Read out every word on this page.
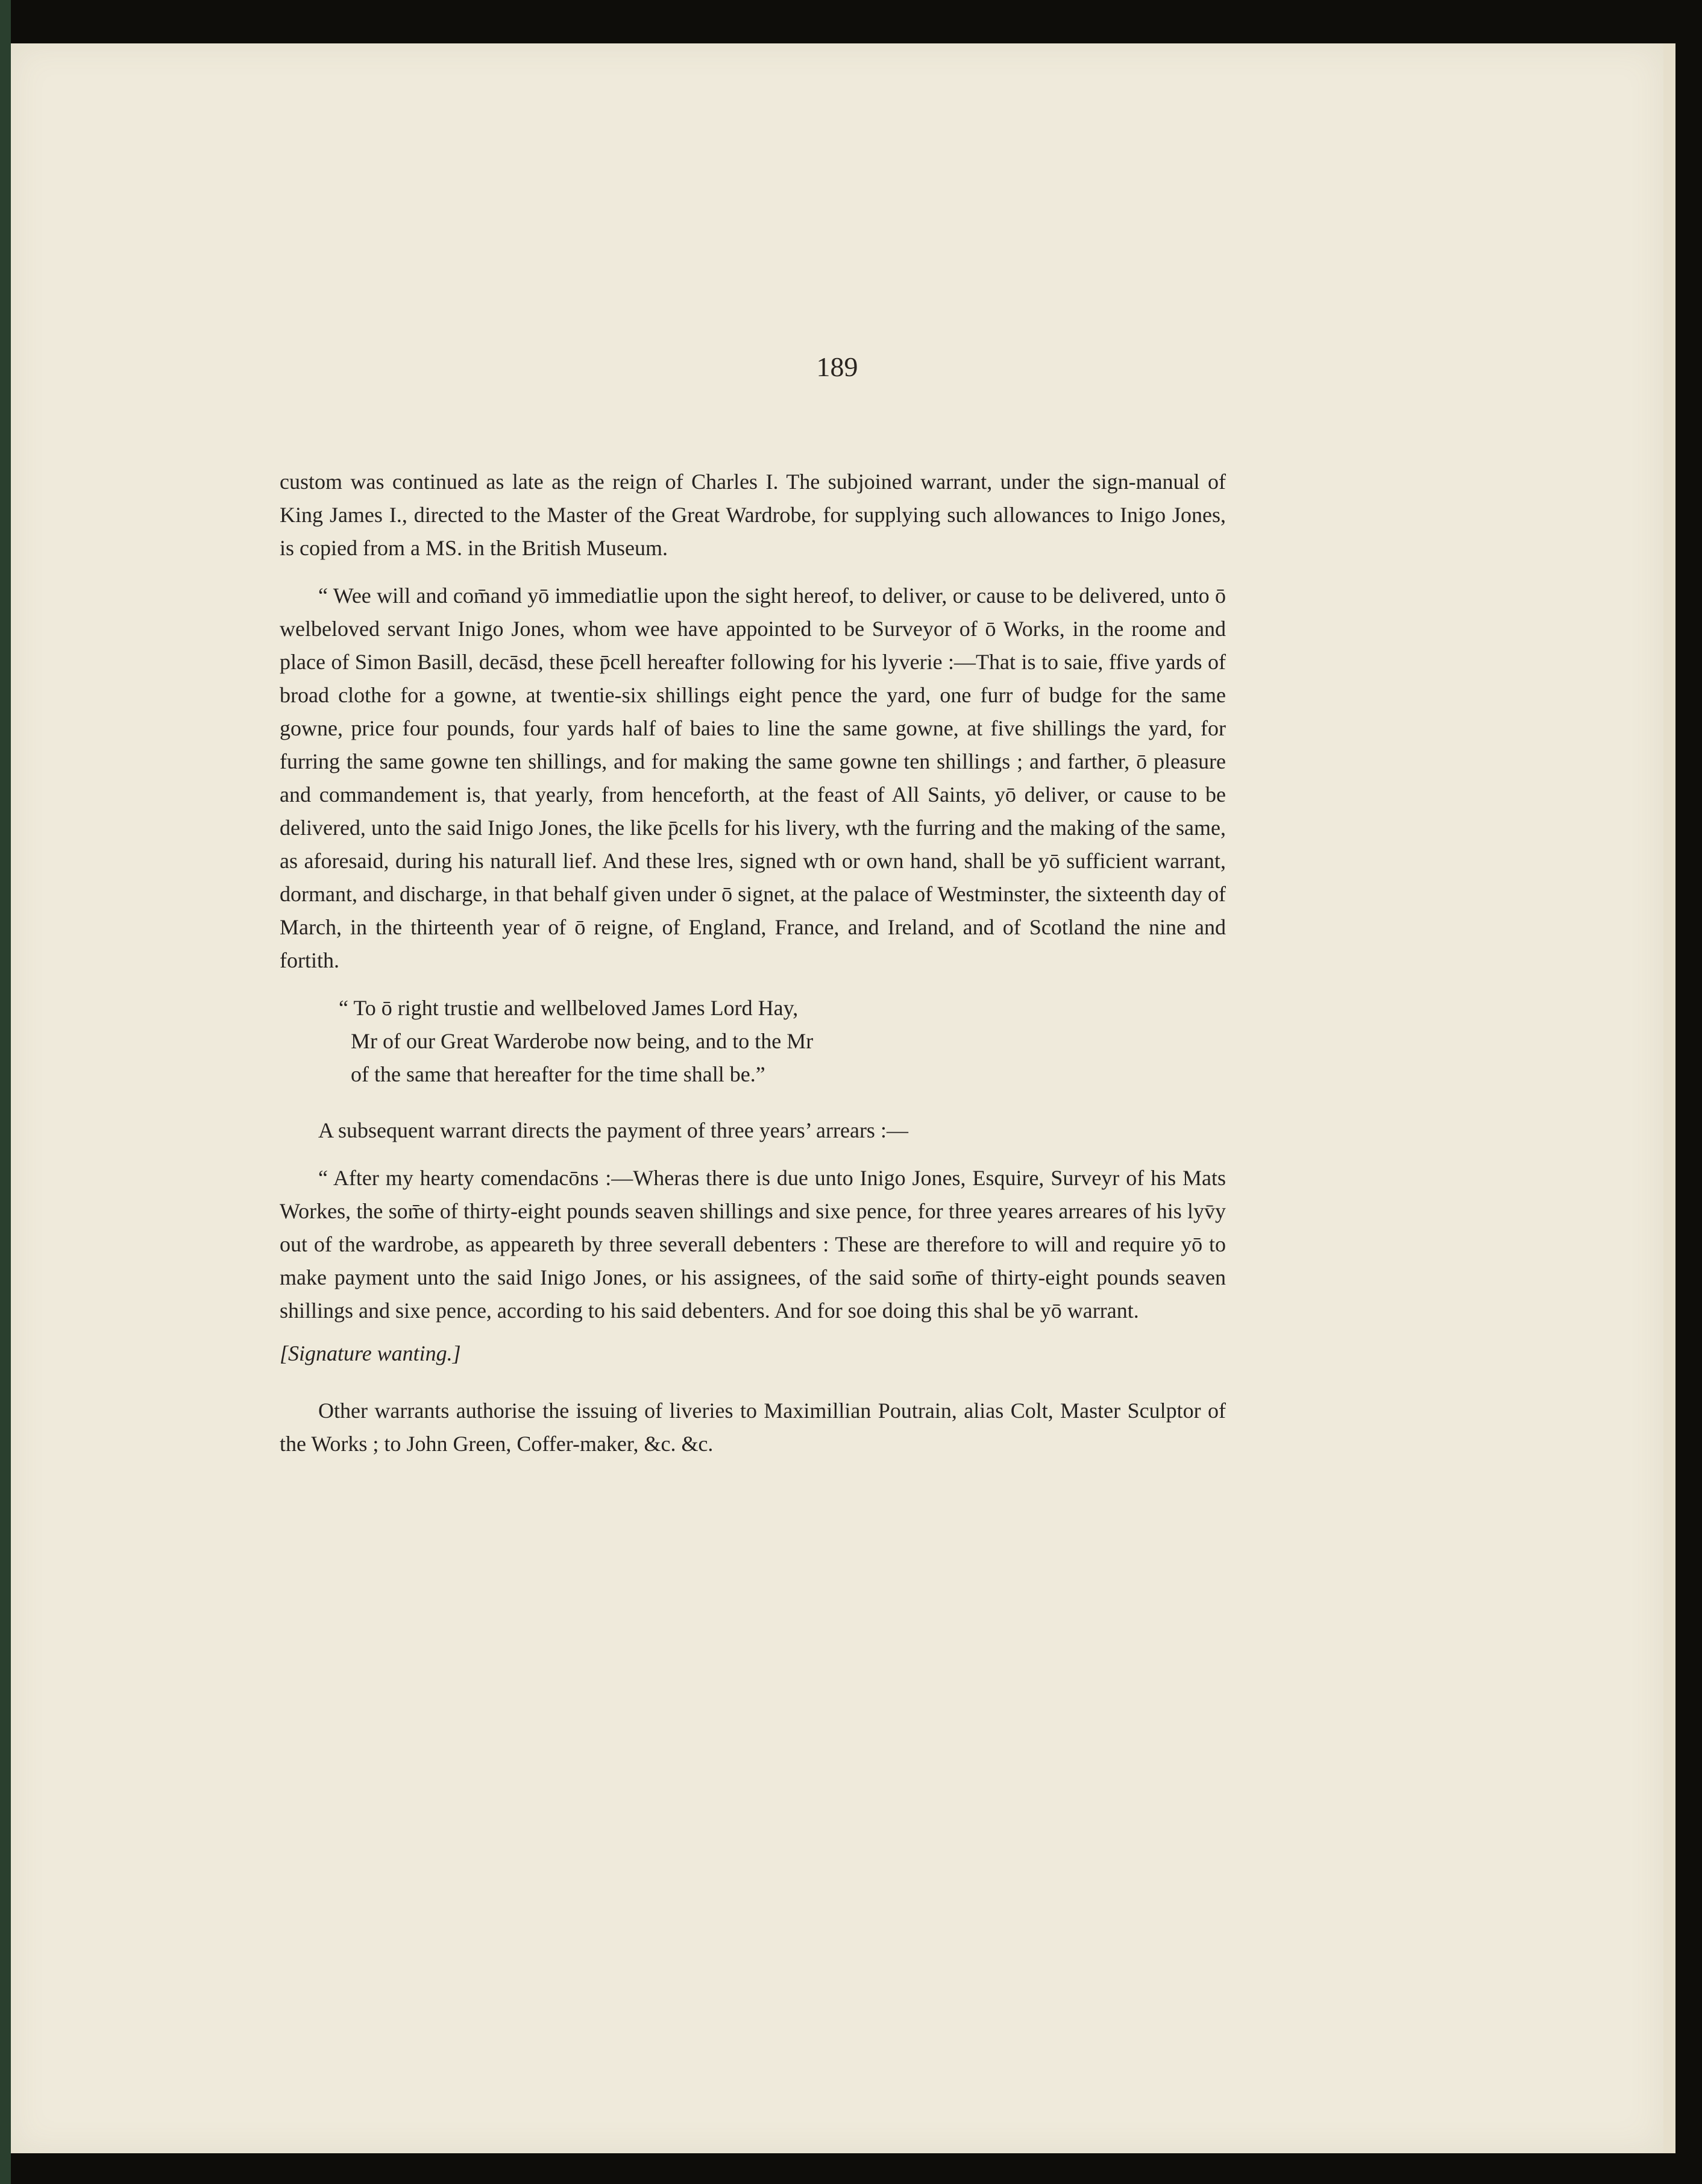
189

custom was continued as late as the reign of Charles I. The subjoined warrant, under the sign-manual of King James I., directed to the Master of the Great Wardrobe, for supplying such allowances to Inigo Jones, is copied from a MS. in the British Museum.

“ Wee will and com̄and yō immediatlie upon the sight hereof, to deliver, or cause to be delivered, unto ō welbeloved servant Inigo Jones, whom wee have appointed to be Surveyor of ō Works, in the roome and place of Simon Basill, decāsd, these p̄cell hereafter following for his lyverie :—That is to saie, ffive yards of broad clothe for a gowne, at twentie-six shillings eight pence the yard, one furr of budge for the same gowne, price four pounds, four yards half of baies to line the same gowne, at five shillings the yard, for furring the same gowne ten shillings, and for making the same gowne ten shillings ; and farther, ō pleasure and commandement is, that yearly, from henceforth, at the feast of All Saints, yō deliver, or cause to be delivered, unto the said Inigo Jones, the like p̄cells for his livery, wth the furring and the making of the same, as aforesaid, during his naturall lief. And these lres, signed wth or own hand, shall be yō sufficient warrant, dormant, and discharge, in that behalf given under ō signet, at the palace of Westminster, the sixteenth day of March, in the thirteenth year of ō reigne, of England, France, and Ireland, and of Scotland the nine and fortith.

“ To ō right trustie and wellbeloved James Lord Hay,
Mr of our Great Warderobe now being, and to the Mr
of the same that hereafter for the time shall be.”

A subsequent warrant directs the payment of three years’ arrears :—

“ After my hearty comendacōns :—Wheras there is due unto Inigo Jones, Esquire, Surveyr of his Mats Workes, the som̄e of thirty-eight pounds seaven shillings and sixe pence, for three yeares arreares of his lyv̄y out of the wardrobe, as appeareth by three severall debenters : These are therefore to will and require yō to make payment unto the said Inigo Jones, or his assignees, of the said som̄e of thirty-eight pounds seaven shillings and sixe pence, according to his said debenters. And for soe doing this shal be yō warrant.

[Signature wanting.]

Other warrants authorise the issuing of liveries to Maximillian Poutrain, alias Colt, Master Sculptor of the Works ; to John Green, Coffer-maker, &c. &c.
